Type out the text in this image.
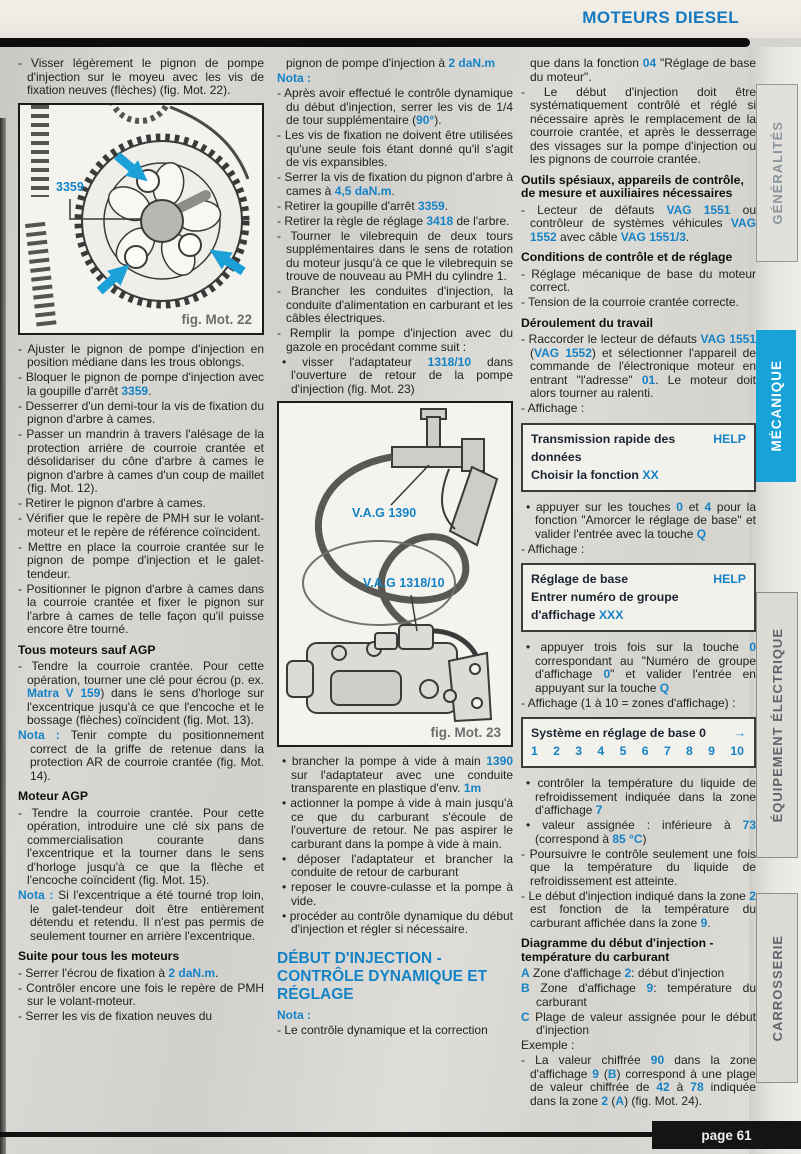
MOTEURS DIESEL
GÉNÉRALITÉS
MÉCANIQUE
ÉQUIPEMENT ÉLECTRIQUE
CARROSSERIE
- Visser légèrement le pignon de pompe d'injection sur le moyeu avec les vis de fixation neuves (flèches) (fig. Mot. 22).
3359
fig. Mot. 22
- Ajuster le pignon de pompe d'injection en position médiane dans les trous oblongs.
- Bloquer le pignon de pompe d'injection avec la goupille d'arrêt 3359.
- Desserrer d'un demi-tour la vis de fixation du pignon d'arbre à cames.
- Passer un mandrin à travers l'alésage de la protection arrière de courroie crantée et désolidariser du cône d'arbre à cames le pignon d'arbre à cames d'un coup de maillet (fig. Mot. 12).
- Retirer le pignon d'arbre à cames.
- Vérifier que le repère de PMH sur le volant-moteur et le repère de référence coïncident.
- Mettre en place la courroie crantée sur le pignon de pompe d'injection et le galet-tendeur.
- Positionner le pignon d'arbre à cames dans la courroie crantée et fixer le pignon sur l'arbre à cames de telle façon qu'il puisse encore être tourné.
Tous moteurs sauf AGP
- Tendre la courroie crantée. Pour cette opération, tourner une clé pour écrou (p. ex. Matra V 159) dans le sens d'horloge sur l'excentrique jusqu'à ce que l'encoche et le bossage (flèches) coïncident (fig. Mot. 13).
Nota : Tenir compte du positionnement correct de la griffe de retenue dans la protection AR de courroie crantée (fig. Mot. 14).
Moteur AGP
- Tendre la courroie crantée. Pour cette opération, introduire une clé six pans de commercialisation courante dans l'excentrique et la tourner dans le sens d'horloge jusqu'à ce que la flèche et l'encoche coïncident (fig. Mot. 15).
Nota : Si l'excentrique a été tourné trop loin, le galet-tendeur doit être entièrement détendu et retendu. Il n'est pas permis de seulement tourner en arrière l'excentrique.
Suite pour tous les moteurs
- Serrer l'écrou de fixation à 2 daN.m.
- Contrôler encore une fois le repère de PMH sur le volant-moteur.
- Serrer les vis de fixation neuves du
pignon de pompe d'injection à 2 daN.m
Nota :
- Après avoir effectué le contrôle dynamique du début d'injection, serrer les vis de 1/4 de tour supplémentaire (90°).
- Les vis de fixation ne doivent être utilisées qu'une seule fois étant donné qu'il s'agit de vis expansibles.
- Serrer la vis de fixation du pignon d'arbre à cames à 4,5 daN.m.
- Retirer la goupille d'arrêt 3359.
- Retirer la règle de réglage 3418 de l'arbre.
- Tourner le vilebrequin de deux tours supplémentaires dans le sens de rotation du moteur jusqu'à ce que le vilebrequin se trouve de nouveau au PMH du cylindre 1.
- Brancher les conduites d'injection, la conduite d'alimentation en carburant et les câbles électriques.
- Remplir la pompe d'injection avec du gazole en procédant comme suit :
• visser l'adaptateur 1318/10 dans l'ouverture de retour de la pompe d'injection (fig. Mot. 23)
V.A.G 1390
V.A.G 1318/10
fig. Mot. 23
• brancher la pompe à vide à main 1390 sur l'adaptateur avec une conduite transparente en plastique d'env. 1m
• actionner la pompe à vide à main jusqu'à ce que du carburant s'écoule de l'ouverture de retour. Ne pas aspirer le carburant dans la pompe à vide à main.
• déposer l'adaptateur et brancher la conduite de retour de carburant
• reposer le couvre-culasse et la pompe à vide.
• procéder au contrôle dynamique du début d'injection et régler si nécessaire.
DÉBUT D'INJECTION - CONTRÔLE DYNAMIQUE ET RÉGLAGE
Nota :
- Le contrôle dynamique et la correction
que dans la fonction 04 "Réglage de base du moteur".
- Le début d'injection doit être systématiquement contrôlé et réglé si nécessaire après le remplacement de la courroie crantée, et après le desserrage des vissages sur la pompe d'injection ou les pignons de courroie crantée.
Outils spésiaux, appareils de contrôle, de mesure et auxiliaires nécessaires
- Lecteur de défauts VAG 1551 ou contrôleur de systèmes véhicules VAG 1552 avec câble VAG 1551/3.
Conditions de contrôle et de réglage
- Réglage mécanique de base du moteur correct.
- Tension de la courroie crantée correcte.
Déroulement du travail
- Raccorder le lecteur de défauts VAG 1551 (VAG 1552) et sélectionner l'appareil de commande de l'électronique moteur en entrant "l'adresse" 01. Le moteur doit alors tourner au ralenti.
- Affichage :
Transmission rapide des données
HELP
Choisir la fonction XX
• appuyer sur les touches 0 et 4 pour la fonction "Amorcer le réglage de base" et valider l'entrée avec la touche Q
- Affichage :
Réglage de base	HELP
Entrer numéro de groupe d'affichage XXX
• appuyer trois fois sur la touche 0 correspondant au "Numéro de groupe d'affichage 0" et valider l'entrée en appuyant sur la touche Q
- Affichage (1 à 10 = zones d'affichage) :
Système en réglage de base 0 →
1 2 3 4 5 6 7 8 9 10
• contrôler la température du liquide de refroidissement indiquée dans la zone d'affichage 7
• valeur assignée : inférieure à 73 (correspond à 85 °C)
- Poursuivre le contrôle seulement une fois que la température du liquide de refroidissement est atteinte.
- Le début d'injection indiqué dans la zone 2 est fonction de la température du carburant affichée dans la zone 9.
Diagramme du début d'injection - température du carburant
A Zone d'affichage 2: début d'injection
B Zone d'affichage 9: température du carburant
C Plage de valeur assignée pour le début d'injection
Exemple :
- La valeur chiffrée 90 dans la zone d'affichage 9 (B) correspond à une plage de valeur chiffrée de 42 à 78 indiquée dans la zone 2 (A) (fig. Mot. 24).
page 61
